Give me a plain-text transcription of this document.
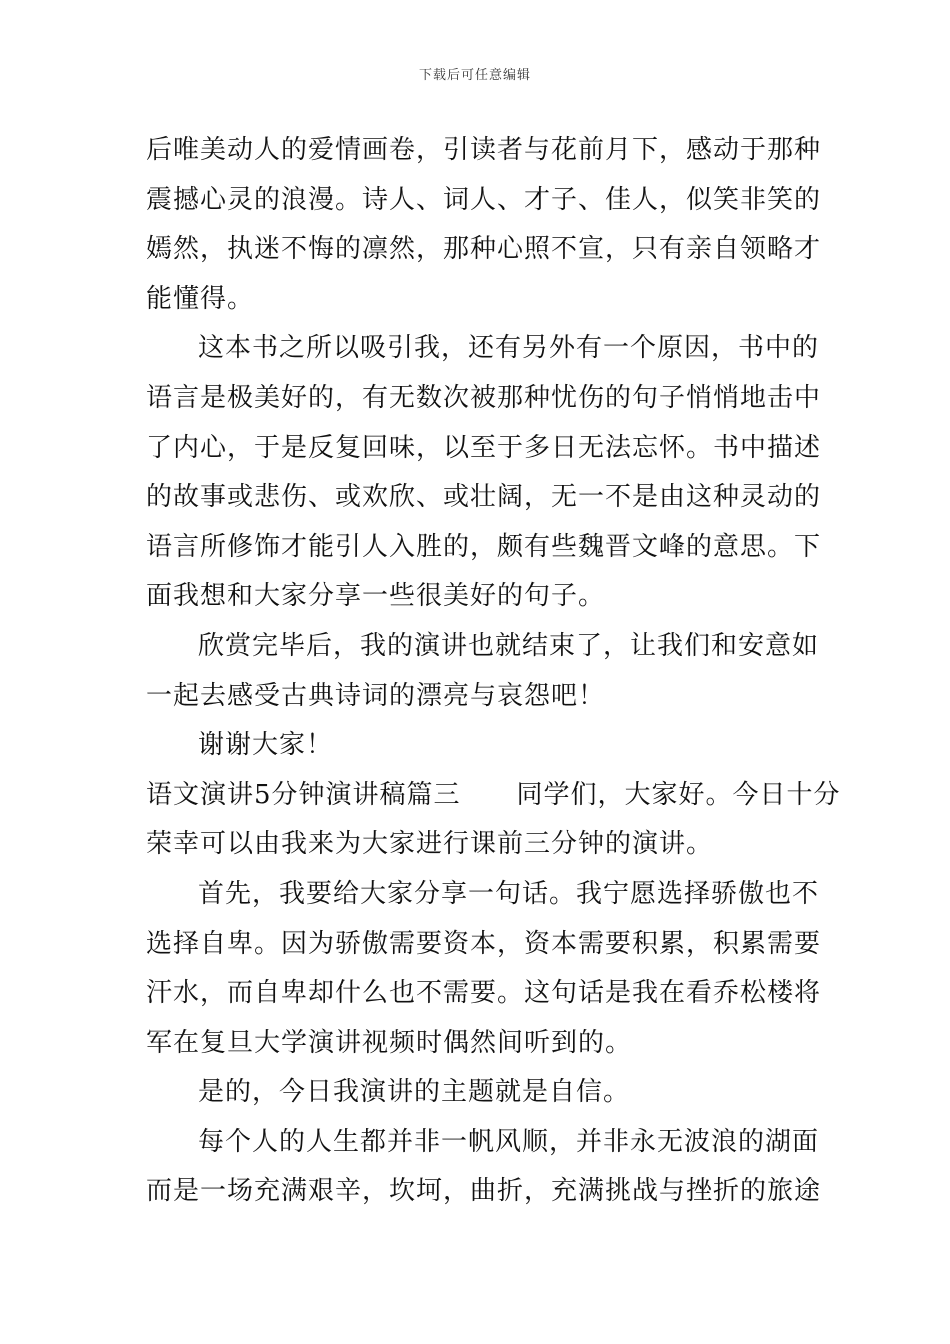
下载后可任意编辑
后唯美动人的爱情画卷，引读者与花前月下，感动于那种
震撼心灵的浪漫。诗人、词人、才子、佳人，似笑非笑的
嫣然，执迷不悔的凛然，那种心照不宣，只有亲自领略才
能懂得。
这本书之所以吸引我，还有另外有一个原因，书中的
语言是极美好的，有无数次被那种忧伤的句子悄悄地击中
了内心，于是反复回味，以至于多日无法忘怀。书中描述
的故事或悲伤、或欢欣、或壮阔，无一不是由这种灵动的
语言所修饰才能引人入胜的，颇有些魏晋文峰的意思。下
面我想和大家分享一些很美好的句子。
欣赏完毕后，我的演讲也就结束了，让我们和安意如
一起去感受古典诗词的漂亮与哀怨吧！
谢谢大家！
语文演讲5分钟演讲稿篇三 同学们，大家好。今日十分
荣幸可以由我来为大家进行课前三分钟的演讲。
首先，我要给大家分享一句话。我宁愿选择骄傲也不
选择自卑。因为骄傲需要资本，资本需要积累，积累需要
汗水，而自卑却什么也不需要。这句话是我在看乔松楼将
军在复旦大学演讲视频时偶然间听到的。
是的，今日我演讲的主题就是自信。
每个人的人生都并非一帆风顺，并非永无波浪的湖面
而是一场充满艰辛，坎坷，曲折，充满挑战与挫折的旅途
